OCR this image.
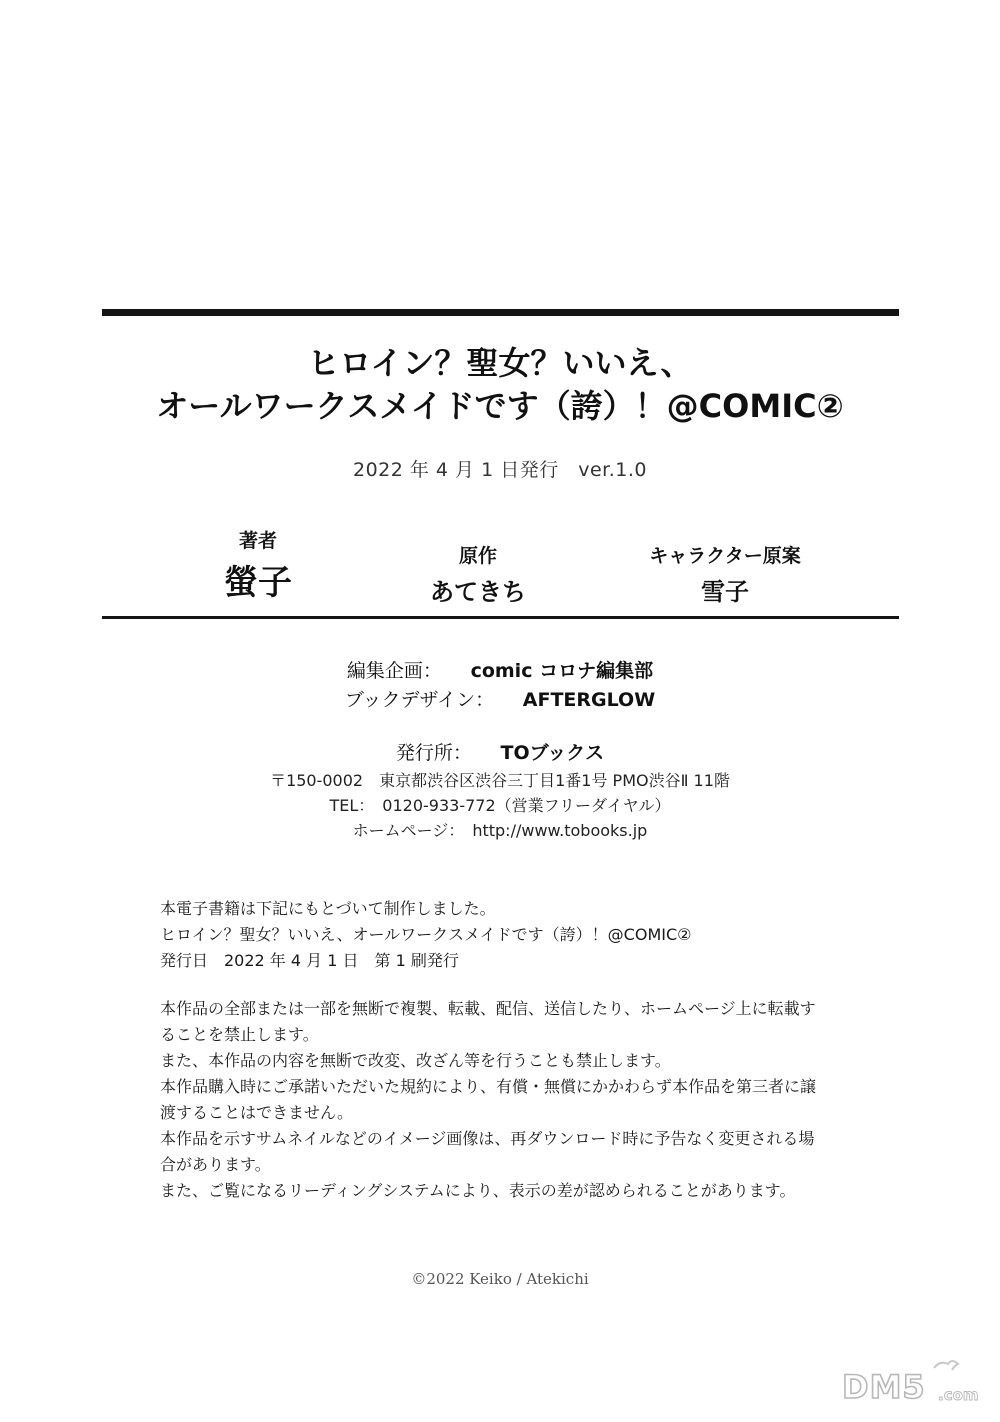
ヒロイン？聖女？いいえ、
オールワークスメイドです（誇）！@COMIC②
2022 年 4 月 1 日発行　ver.1.0
著者
螢子
原作
あてきち
キャラクター原案
雪子
編集企画： comic コロナ編集部
ブックデザイン： AFTERGLOW
発行所： TOブックス
〒150-0002　東京都渋谷区渋谷三丁目1番1号 PMO渋谷Ⅱ 11階
TEL：　0120-933-772（営業フリーダイヤル）
ホームページ：　http://www.tobooks.jp

本電子書籍は下記にもとづいて制作しました。

ヒロイン？聖女？いいえ、オールワークスメイドです（誇）！@COMIC②

発行日　2022 年 4 月 1 日　第 1 刷発行

本作品の全部または一部を無断で複製、転載、配信、送信したり、ホームページ上に転載す

ることを禁止します。

また、本作品の内容を無断で改変、改ざん等を行うことも禁止します。

本作品購入時にご承諾いただいた規約により、有償・無償にかかわらず本作品を第三者に譲

渡することはできません。

本作品を示すサムネイルなどのイメージ画像は、再ダウンロード時に予告なく変更される場

合があります。

また、ご覧になるリーディングシステムにより、表示の差が認められることがあります。

©2022 Keiko / Atekichi
DM5 .com
